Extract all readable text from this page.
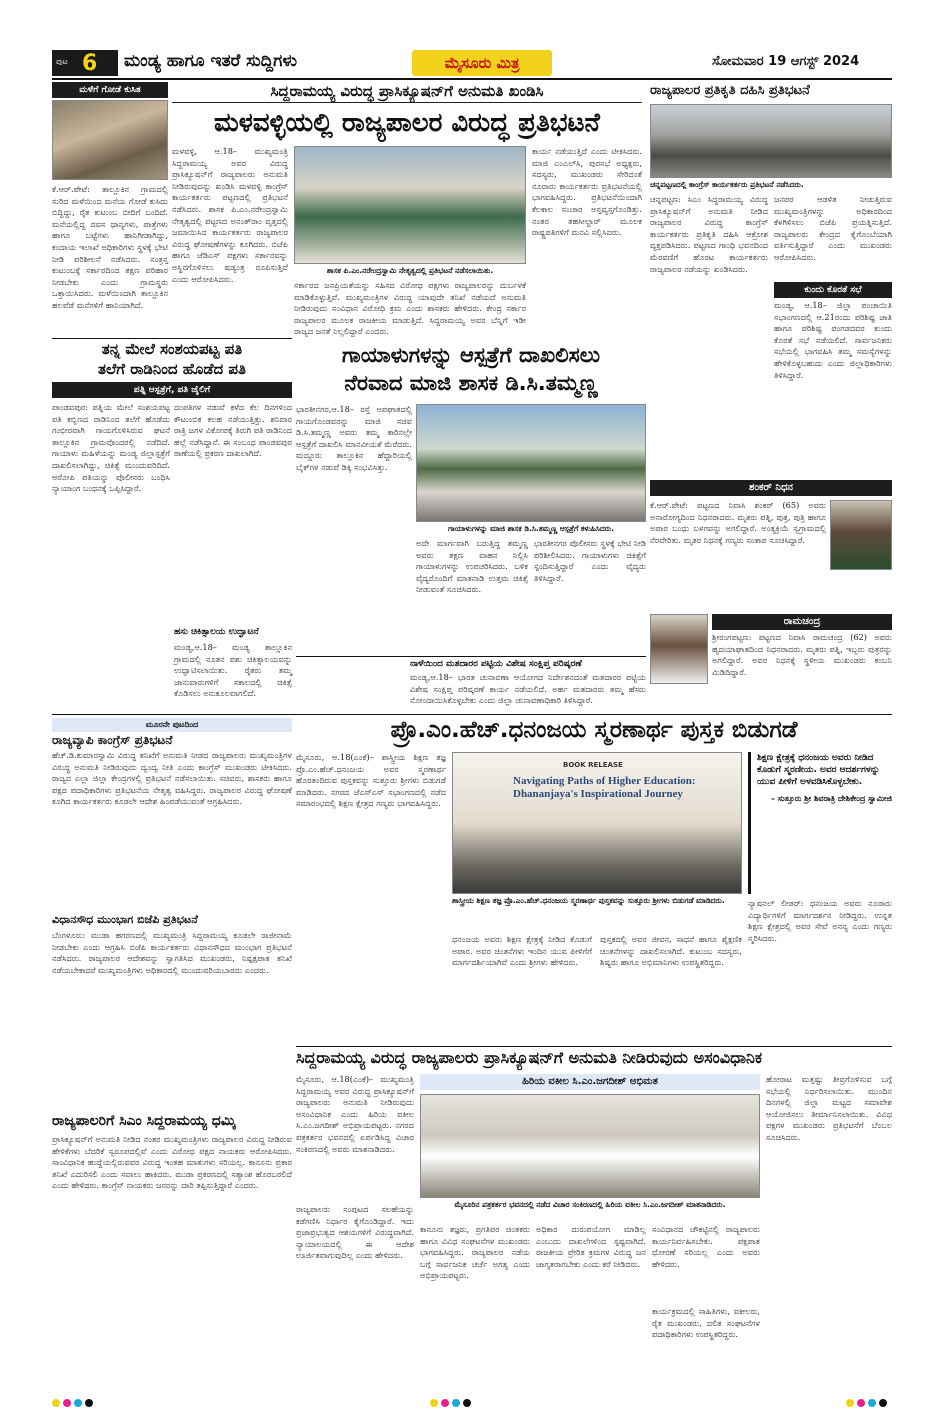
ಪುಟ 6 ಮಂಡ್ಯ ಹಾಗೂ ಇತರೆ ಸುದ್ದಿಗಳು	ಮೈಸೂರು ಮಿತ್ರ	ಸೋಮವಾರ 19 ಆಗಸ್ಟ್ 2024
ಮಳೆಗೆ ಗೋಡೆ ಕುಸಿತ
ಕೆ.ಆರ್.ಪೇಟೆ: ತಾಲ್ಲೂಕಿನ ಗ್ರಾಮದಲ್ಲಿ ಸುರಿದ ಮಳೆಯಿಂದ ಮನೆಯ ಗೋಡೆ ಕುಸಿದು ಬಿದ್ದಿದ್ದು, ರೈತ ಕುಟುಂಬ ಬೀದಿಗೆ ಬಂದಿದೆ. ಮನೆಯಲ್ಲಿದ್ದ ದವಸ ಧಾನ್ಯಗಳು, ಪಾತ್ರೆಗಳು ಹಾಗೂ ಬಟ್ಟೆಗಳು ಹಾನಿಗೀಡಾಗಿದ್ದು, ಕಂದಾಯ ಇಲಾಖೆ ಅಧಿಕಾರಿಗಳು ಸ್ಥಳಕ್ಕೆ ಭೇಟಿ ನೀಡಿ ಪರಿಶೀಲನೆ ನಡೆಸಿದರು. ಸಂತ್ರಸ್ತ ಕುಟುಂಬಕ್ಕೆ ಸರ್ಕಾರದಿಂದ ತಕ್ಷಣ ಪರಿಹಾರ ನೀಡಬೇಕು ಎಂದು ಗ್ರಾಮಸ್ಥರು ಒತ್ತಾಯಿಸಿದರು. ಮಳೆಯಿಂದಾಗಿ ತಾಲ್ಲೂಕಿನ ಹಲವೆಡೆ ಮನೆಗಳಿಗೆ ಹಾನಿಯಾಗಿದೆ.
ಸಿದ್ದರಾಮಯ್ಯ ವಿರುದ್ಧ ಪ್ರಾಸಿಕ್ಯೂಷನ್‌ಗೆ ಅನುಮತಿ ಖಂಡಿಸಿ
ಮಳವಳ್ಳಿಯಲ್ಲಿ ರಾಜ್ಯಪಾಲರ ವಿರುದ್ಧ ಪ್ರತಿಭಟನೆ
ಮಳವಳ್ಳಿ, ಆ.18– ಮುಖ್ಯಮಂತ್ರಿ ಸಿದ್ದರಾಮಯ್ಯ ಅವರ ವಿರುದ್ಧ ಪ್ರಾಸಿಕ್ಯೂಷನ್‌ಗೆ ರಾಜ್ಯಪಾಲರು ಅನುಮತಿ ನೀಡಿರುವುದನ್ನು ಖಂಡಿಸಿ ಮಳವಳ್ಳಿ ಕಾಂಗ್ರೆಸ್ ಕಾರ್ಯಕರ್ತರು ಪಟ್ಟಣದಲ್ಲಿ ಪ್ರತಿಭಟನೆ ನಡೆಸಿದರು. ಶಾಸಕ ಪಿ.ಎಂ.ನರೇಂದ್ರಸ್ವಾಮಿ ನೇತೃತ್ವದಲ್ಲಿ ಪಟ್ಟಣದ ಅನಂತ್‌ರಾಂ ವೃತ್ತದಲ್ಲಿ ಜಮಾಯಿಸಿದ ಕಾರ್ಯಕರ್ತರು ರಾಜ್ಯಪಾಲರ ವಿರುದ್ಧ ಘೋಷಣೆಗಳನ್ನು ಕೂಗಿದರು. ಬಿಜೆಪಿ ಹಾಗೂ ಜೆಡಿಎಸ್ ಪಕ್ಷಗಳು ಸರ್ಕಾರವನ್ನು ಅಸ್ಥಿರಗೊಳಿಸಲು ಷಡ್ಯಂತ್ರ ರೂಪಿಸುತ್ತಿವೆ ಎಂದು ಆರೋಪಿಸಿದರು.
ಶಾಸಕ ಪಿ.ಎಂ.ನರೇಂದ್ರಸ್ವಾಮಿ ನೇತೃತ್ವದಲ್ಲಿ ಪ್ರತಿಭಟನೆ ನಡೆಸಲಾಯಿತು.
ಸರ್ಕಾರದ ಜನಪ್ರಿಯತೆಯನ್ನು ಸಹಿಸದ ವಿರೋಧ ಪಕ್ಷಗಳು ರಾಜ್ಯಪಾಲರನ್ನು ದುರ್ಬಳಕೆ ಮಾಡಿಕೊಳ್ಳುತ್ತಿವೆ. ಮುಖ್ಯಮಂತ್ರಿಗಳ ವಿರುದ್ಧ ಯಾವುದೇ ತನಿಖೆ ನಡೆಯದೆ ಅನುಮತಿ ನೀಡಿರುವುದು ಸಂವಿಧಾನ ವಿರೋಧಿ ಕ್ರಮ ಎಂದು ಶಾಸಕರು ಹೇಳಿದರು. ಕೇಂದ್ರ ಸರ್ಕಾರ ರಾಜ್ಯಪಾಲರ ಮೂಲಕ ರಾಜಕೀಯ ಮಾಡುತ್ತಿದೆ. ಸಿದ್ದರಾಮಯ್ಯ ಅವರ ಬೆನ್ನಿಗೆ ಇಡೀ ರಾಜ್ಯದ ಜನತೆ ನಿಲ್ಲಲಿದ್ದಾರೆ ಎಂದರು.
ಕಾರ್ಯ ನಡೆಯುತ್ತಿದೆ ಎಂದು ಟೀಕಿಸಿದರು. ಮಾಜಿ ಎಂಎಲ್‌ಸಿ, ಪುರಸಭೆ ಅಧ್ಯಕ್ಷರು, ಸದಸ್ಯರು, ಮುಖಂಡರು ಸೇರಿದಂತೆ ನೂರಾರು ಕಾರ್ಯಕರ್ತರು ಪ್ರತಿಭಟನೆಯಲ್ಲಿ ಭಾಗವಹಿಸಿದ್ದರು. ಪ್ರತಿಭಟನೆಯಿಂದಾಗಿ ಕೆಲಕಾಲ ಸಂಚಾರ ಅಸ್ತವ್ಯಸ್ತಗೊಂಡಿತ್ತು. ನಂತರ ತಹಸೀಲ್ದಾರ್ ಮೂಲಕ ರಾಷ್ಟ್ರಪತಿಗಳಿಗೆ ಮನವಿ ಸಲ್ಲಿಸಿದರು.
ರಾಜ್ಯಪಾಲರ ಪ್ರತಿಕೃತಿ ದಹಿಸಿ ಪ್ರತಿಭಟನೆ
ಚನ್ನಪಟ್ಟಣದಲ್ಲಿ ಕಾಂಗ್ರೆಸ್ ಕಾರ್ಯಕರ್ತರು ಪ್ರತಿಭಟನೆ ನಡೆಸಿದರು.
ಚನ್ನಪಟ್ಟಣ: ಸಿಎಂ ಸಿದ್ದರಾಮಯ್ಯ ವಿರುದ್ಧ ಪ್ರಾಸಿಕ್ಯೂಷನ್‌ಗೆ ಅನುಮತಿ ನೀಡಿದ ರಾಜ್ಯಪಾಲರ ವಿರುದ್ಧ ಕಾಂಗ್ರೆಸ್ ಕಾರ್ಯಕರ್ತರು ಪ್ರತಿಕೃತಿ ದಹಿಸಿ ಆಕ್ರೋಶ ವ್ಯಕ್ತಪಡಿಸಿದರು. ಪಟ್ಟಣದ ಗಾಂಧಿ ಭವನದಿಂದ ಮೆರವಣಿಗೆ ಹೊರಟ ಕಾರ್ಯಕರ್ತರು ರಾಜ್ಯಪಾಲರ ನಡೆಯನ್ನು ಖಂಡಿಸಿದರು.
ಜನಪರ ಆಡಳಿತ ನೀಡುತ್ತಿರುವ ಮುಖ್ಯಮಂತ್ರಿಗಳನ್ನು ಅಧಿಕಾರದಿಂದ ಕೆಳಗಿಳಿಸಲು ಬಿಜೆಪಿ ಪ್ರಯತ್ನಿಸುತ್ತಿದೆ. ರಾಜ್ಯಪಾಲರು ಕೇಂದ್ರದ ಕೈಗೊಂಬೆಯಾಗಿ ವರ್ತಿಸುತ್ತಿದ್ದಾರೆ ಎಂದು ಮುಖಂಡರು ಆರೋಪಿಸಿದರು.
ಕುಂದು ಕೊರತೆ ಸಭೆ
ಮಂಡ್ಯ, ಆ.18– ಜಿಲ್ಲಾ ಪಂಚಾಯಿತಿ ಸಭಾಂಗಣದಲ್ಲಿ ಆ.21ರಂದು ಪರಿಶಿಷ್ಟ ಜಾತಿ ಹಾಗೂ ಪರಿಶಿಷ್ಟ ಪಂಗಡದವರ ಕುಂದು ಕೊರತೆ ಸಭೆ ನಡೆಯಲಿದೆ. ಸಾರ್ವಜನಿಕರು ಸಭೆಯಲ್ಲಿ ಭಾಗವಹಿಸಿ ತಮ್ಮ ಸಮಸ್ಯೆಗಳನ್ನು ಹೇಳಿಕೊಳ್ಳಬಹುದು ಎಂದು ಜಿಲ್ಲಾಧಿಕಾರಿಗಳು ತಿಳಿಸಿದ್ದಾರೆ.
ತನ್ನ ಮೇಲೆ ಸಂಶಯಪಟ್ಟ ಪತಿ
ತಲೆಗೆ ರಾಡಿನಿಂದ ಹೊಡೆದ ಪತಿ
ಪತ್ನಿ ಆಸ್ಪತ್ರೆಗೆ, ಪತಿ ಜೈಲಿಗೆ
ಪಾಂಡವಪುರ: ಪತ್ನಿಯ ಮೇಲೆ ಸಂಶಯಪಟ್ಟ ಪತಿ ಕಬ್ಬಿಣದ ರಾಡಿನಿಂದ ತಲೆಗೆ ಹೊಡೆದು ಗಂಭೀರವಾಗಿ ಗಾಯಗೊಳಿಸಿರುವ ಘಟನೆ ತಾಲ್ಲೂಕಿನ ಗ್ರಾಮವೊಂದರಲ್ಲಿ ನಡೆದಿದೆ. ಗಾಯಾಳು ಮಹಿಳೆಯನ್ನು ಮಂಡ್ಯ ಜಿಲ್ಲಾಸ್ಪತ್ರೆಗೆ ದಾಖಲಿಸಲಾಗಿದ್ದು, ಚಿಕಿತ್ಸೆ ಮುಂದುವರಿದಿದೆ. ಆರೋಪಿ ಪತಿಯನ್ನು ಪೊಲೀಸರು ಬಂಧಿಸಿ ನ್ಯಾಯಾಂಗ ಬಂಧನಕ್ಕೆ ಒಪ್ಪಿಸಿದ್ದಾರೆ.
ದಂಪತಿಗಳ ನಡುವೆ ಕಳೆದ ಕೆಲ ದಿನಗಳಿಂದ ಕೌಟುಂಬಿಕ ಕಲಹ ನಡೆಯುತ್ತಿತ್ತು. ಶನಿವಾರ ರಾತ್ರಿ ಜಗಳ ವಿಕೋಪಕ್ಕೆ ತಿರುಗಿ ಪತಿ ರಾಡಿನಿಂದ ಹಲ್ಲೆ ನಡೆಸಿದ್ದಾನೆ. ಈ ಸಂಬಂಧ ಪಾಂಡವಪುರ ಠಾಣೆಯಲ್ಲಿ ಪ್ರಕರಣ ದಾಖಲಾಗಿದೆ.
ಹಸು ಚಿಕಿತ್ಸಾಲಯ ಉದ್ಘಾಟನೆ
ಮಂಡ್ಯ,ಆ.18– ಮಂಡ್ಯ ತಾಲ್ಲೂಕಿನ ಗ್ರಾಮದಲ್ಲಿ ನೂತನ ಪಶು ಚಿಕಿತ್ಸಾಲಯವನ್ನು ಉದ್ಘಾಟಿಸಲಾಯಿತು. ರೈತರು ತಮ್ಮ ಜಾನುವಾರುಗಳಿಗೆ ಸಕಾಲದಲ್ಲಿ ಚಿಕಿತ್ಸೆ ಕೊಡಿಸಲು ಅನುಕೂಲವಾಗಲಿದೆ.
ಗಾಯಾಳುಗಳನ್ನು ಆಸ್ಪತ್ರೆಗೆ ದಾಖಲಿಸಲು
ನೆರವಾದ ಮಾಜಿ ಶಾಸಕ ಡಿ.ಸಿ.ತಮ್ಮಣ್ಣ
ಭಾರತೀನಗರ,ಆ.18– ರಸ್ತೆ ಅಪಘಾತದಲ್ಲಿ ಗಾಯಗೊಂಡವರನ್ನು ಮಾಜಿ ಸಚಿವ ಡಿ.ಸಿ.ತಮ್ಮಣ್ಣ ಅವರು ತಮ್ಮ ಕಾರಿನಲ್ಲೇ ಆಸ್ಪತ್ರೆಗೆ ದಾಖಲಿಸಿ ಮಾನವೀಯತೆ ಮೆರೆದರು. ಮದ್ದೂರು ತಾಲ್ಲೂಕಿನ ಹೆದ್ದಾರಿಯಲ್ಲಿ ಬೈಕ್‌ಗಳ ನಡುವೆ ಡಿಕ್ಕಿ ಸಂಭವಿಸಿತ್ತು.
ಗಾಯಾಳುಗಳನ್ನು ಮಾಜಿ ಶಾಸಕ ಡಿ.ಸಿ.ತಮ್ಮಣ್ಣ ಆಸ್ಪತ್ರೆಗೆ ಕಳುಹಿಸಿದರು.
ಅದೇ ಮಾರ್ಗವಾಗಿ ಬರುತ್ತಿದ್ದ ತಮ್ಮಣ್ಣ ಅವರು ತಕ್ಷಣ ವಾಹನ ನಿಲ್ಲಿಸಿ ಗಾಯಾಳುಗಳನ್ನು ಉಪಚರಿಸಿದರು. ಬಳಿಕ ವೈದ್ಯರೊಂದಿಗೆ ಮಾತನಾಡಿ ಉತ್ತಮ ಚಿಕಿತ್ಸೆ ನೀಡುವಂತೆ ಸೂಚಿಸಿದರು.
ಭಾರತೀನಗರ ಪೊಲೀಸರು ಸ್ಥಳಕ್ಕೆ ಭೇಟಿ ನೀಡಿ ಪರಿಶೀಲಿಸಿದರು. ಗಾಯಾಳುಗಳು ಚಿಕಿತ್ಸೆಗೆ ಸ್ಪಂದಿಸುತ್ತಿದ್ದಾರೆ ಎಂದು ವೈದ್ಯರು ತಿಳಿಸಿದ್ದಾರೆ.
ನಾಳೆಯಿಂದ ಮತದಾರರ ಪಟ್ಟಿಯ ವಿಶೇಷ ಸಂಕ್ಷಿಪ್ತ ಪರಿಷ್ಕರಣೆ
ಮಂಡ್ಯ,ಆ.18– ಭಾರತ ಚುನಾವಣಾ ಆಯೋಗದ ನಿರ್ದೇಶನದಂತೆ ಮತದಾರರ ಪಟ್ಟಿಯ ವಿಶೇಷ ಸಂಕ್ಷಿಪ್ತ ಪರಿಷ್ಕರಣೆ ಕಾರ್ಯ ನಡೆಯಲಿದೆ. ಅರ್ಹ ಮತದಾರರು ತಮ್ಮ ಹೆಸರು ನೋಂದಾಯಿಸಿಕೊಳ್ಳಬೇಕು ಎಂದು ಜಿಲ್ಲಾ ಚುನಾವಣಾಧಿಕಾರಿ ತಿಳಿಸಿದ್ದಾರೆ.
ಶಂಕರ್ ನಿಧನ
ಕೆ.ಆರ್.ಪೇಟೆ: ಪಟ್ಟಣದ ನಿವಾಸಿ ಶಂಕರ್ (65) ಅವರು ಅನಾರೋಗ್ಯದಿಂದ ನಿಧನರಾದರು. ಮೃತರು ಪತ್ನಿ, ಪುತ್ರ, ಪುತ್ರಿ ಹಾಗೂ ಅಪಾರ ಬಂಧು ಬಳಗವನ್ನು ಅಗಲಿದ್ದಾರೆ. ಅಂತ್ಯಕ್ರಿಯೆ ಸ್ವಗ್ರಾಮದಲ್ಲಿ ನೆರವೇರಿತು. ಮೃತರ ನಿಧನಕ್ಕೆ ಗಣ್ಯರು ಸಂತಾಪ ಸೂಚಿಸಿದ್ದಾರೆ.
ರಾಮಚಂದ್ರ
ಶ್ರೀರಂಗಪಟ್ಟಣ: ಪಟ್ಟಣದ ನಿವಾಸಿ ರಾಮಚಂದ್ರ (62) ಅವರು ಹೃದಯಾಘಾತದಿಂದ ನಿಧನರಾದರು. ಮೃತರು ಪತ್ನಿ, ಇಬ್ಬರು ಪುತ್ರರನ್ನು ಅಗಲಿದ್ದಾರೆ. ಅವರ ನಿಧನಕ್ಕೆ ಸ್ಥಳೀಯ ಮುಖಂಡರು ಕಂಬನಿ ಮಿಡಿದಿದ್ದಾರೆ.
ಮೂರನೇ ಪುಟದಿಂದ
ರಾಜ್ಯವ್ಯಾಪಿ ಕಾಂಗ್ರೆಸ್ ಪ್ರತಿಭಟನೆ
ಹೆಚ್.ಡಿ.ಕುಮಾರಸ್ವಾಮಿ ವಿರುದ್ಧ ತನಿಖೆಗೆ ಅನುಮತಿ ನೀಡದ ರಾಜ್ಯಪಾಲರು ಮುಖ್ಯಮಂತ್ರಿಗಳ ವಿರುದ್ಧ ಅನುಮತಿ ನೀಡಿರುವುದು ದ್ವಂದ್ವ ನೀತಿ ಎಂದು ಕಾಂಗ್ರೆಸ್ ಮುಖಂಡರು ಟೀಕಿಸಿದರು. ರಾಜ್ಯದ ಎಲ್ಲಾ ಜಿಲ್ಲಾ ಕೇಂದ್ರಗಳಲ್ಲಿ ಪ್ರತಿಭಟನೆ ನಡೆಸಲಾಯಿತು. ಸಚಿವರು, ಶಾಸಕರು ಹಾಗೂ ಪಕ್ಷದ ಪದಾಧಿಕಾರಿಗಳು ಪ್ರತಿಭಟನೆಯ ನೇತೃತ್ವ ವಹಿಸಿದ್ದರು. ರಾಜ್ಯಪಾಲರ ವಿರುದ್ಧ ಘೋಷಣೆ ಕೂಗಿದ ಕಾರ್ಯಕರ್ತರು ಕೂಡಲೇ ಆದೇಶ ಹಿಂಪಡೆಯುವಂತೆ ಆಗ್ರಹಿಸಿದರು.
ವಿಧಾನಸೌಧ ಮುಂಭಾಗ ಬಿಜೆಪಿ ಪ್ರತಿಭಟನೆ
ಬೆಂಗಳೂರು: ಮುಡಾ ಹಗರಣದಲ್ಲಿ ಮುಖ್ಯಮಂತ್ರಿ ಸಿದ್ದರಾಮಯ್ಯ ಕೂಡಲೇ ರಾಜೀನಾಮೆ ನೀಡಬೇಕು ಎಂದು ಆಗ್ರಹಿಸಿ ಬಿಜೆಪಿ ಕಾರ್ಯಕರ್ತರು ವಿಧಾನಸೌಧದ ಮುಂಭಾಗ ಪ್ರತಿಭಟನೆ ನಡೆಸಿದರು. ರಾಜ್ಯಪಾಲರ ಆದೇಶವನ್ನು ಸ್ವಾಗತಿಸಿದ ಮುಖಂಡರು, ನಿಷ್ಪಕ್ಷಪಾತ ತನಿಖೆ ನಡೆಯಬೇಕಾದರೆ ಮುಖ್ಯಮಂತ್ರಿಗಳು ಅಧಿಕಾರದಲ್ಲಿ ಮುಂದುವರಿಯಬಾರದು ಎಂದರು.
ರಾಜ್ಯಪಾಲರಿಗೆ ಸಿಎಂ ಸಿದ್ದರಾಮಯ್ಯ ಧಮ್ಕಿ
ಪ್ರಾಸಿಕ್ಯೂಷನ್‌ಗೆ ಅನುಮತಿ ನೀಡಿದ ನಂತರ ಮುಖ್ಯಮಂತ್ರಿಗಳು ರಾಜ್ಯಪಾಲರ ವಿರುದ್ಧ ನೀಡಿರುವ ಹೇಳಿಕೆಗಳು ಬೆದರಿಕೆ ಸ್ವರೂಪದಲ್ಲಿವೆ ಎಂದು ವಿರೋಧ ಪಕ್ಷದ ನಾಯಕರು ಆರೋಪಿಸಿದರು. ಸಾಂವಿಧಾನಿಕ ಹುದ್ದೆಯಲ್ಲಿರುವವರ ವಿರುದ್ಧ ಇಂತಹ ಮಾತುಗಳು ಸರಿಯಲ್ಲ. ಕಾನೂನು ಪ್ರಕಾರ ತನಿಖೆ ಎದುರಿಸಲಿ ಎಂದು ಸವಾಲು ಹಾಕಿದರು. ಮುಡಾ ಪ್ರಕರಣದಲ್ಲಿ ಸತ್ಯಾಂಶ ಹೊರಬರಲಿದೆ ಎಂದು ಹೇಳಿದರು. ಕಾಂಗ್ರೆಸ್ ನಾಯಕರು ಜನರನ್ನು ದಾರಿ ತಪ್ಪಿಸುತ್ತಿದ್ದಾರೆ ಎಂದರು.
ಪ್ರೊ.ಎಂ.ಹೆಚ್.ಧನಂಜಯ ಸ್ಮರಣಾರ್ಥ ಪುಸ್ತಕ ಬಿಡುಗಡೆ
ಮೈಸೂರು, ಆ.18(ಎಂಕೆ)– ಶಾಸ್ತ್ರೀಯ ಶಿಕ್ಷಣ ತಜ್ಞ ಪ್ರೊ.ಎಂ.ಹೆಚ್.ಧನಂಜಯ ಅವರ ಸ್ಮರಣಾರ್ಥ ಹೊರತಂದಿರುವ ಪುಸ್ತಕವನ್ನು ಸುತ್ತೂರು ಶ್ರೀಗಳು ಬಿಡುಗಡೆ ಮಾಡಿದರು. ನಗರದ ಜೆಎಸ್‌ಎಸ್ ಸಭಾಂಗಣದಲ್ಲಿ ನಡೆದ ಸಮಾರಂಭದಲ್ಲಿ ಶಿಕ್ಷಣ ಕ್ಷೇತ್ರದ ಗಣ್ಯರು ಭಾಗವಹಿಸಿದ್ದರು.
BOOK RELEASE
Navigating Paths of Higher Education: Dhananjaya's Inspirational Journey
ಶಾಸ್ತ್ರೀಯ ಶಿಕ್ಷಣ ತಜ್ಞ ಪ್ರೊ.ಎಂ.ಹೆಚ್.ಧನಂಜಯ ಸ್ಮರಣಾರ್ಥ ಪುಸ್ತಕವನ್ನು ಸುತ್ತೂರು ಶ್ರೀಗಳು ಬಿಡುಗಡೆ ಮಾಡಿದರು.
ಧನಂಜಯ ಅವರು ಶಿಕ್ಷಣ ಕ್ಷೇತ್ರಕ್ಕೆ ನೀಡಿದ ಕೊಡುಗೆ ಅಪಾರ. ಅವರ ಚಿಂತನೆಗಳು ಇಂದಿನ ಯುವ ಪೀಳಿಗೆಗೆ ಮಾರ್ಗದರ್ಶಿಯಾಗಿವೆ ಎಂದು ಶ್ರೀಗಳು ಹೇಳಿದರು.
ಪುಸ್ತಕದಲ್ಲಿ ಅವರ ಜೀವನ, ಸಾಧನೆ ಹಾಗೂ ಶೈಕ್ಷಣಿಕ ಚಿಂತನೆಗಳನ್ನು ದಾಖಲಿಸಲಾಗಿದೆ. ಕುಟುಂಬ ಸದಸ್ಯರು, ಶಿಷ್ಯರು ಹಾಗೂ ಅಭಿಮಾನಿಗಳು ಉಪಸ್ಥಿತರಿದ್ದರು.
ಶಿಕ್ಷಣ ಕ್ಷೇತ್ರಕ್ಕೆ ಧನಂಜಯ ಅವರು ನೀಡಿದ ಕೊಡುಗೆ ಸ್ಮರಣೀಯ. ಅವರ ಆದರ್ಶಗಳನ್ನು ಯುವ ಪೀಳಿಗೆ ಅಳವಡಿಸಿಕೊಳ್ಳಬೇಕು.
– ಸುತ್ತೂರು ಶ್ರೀ ಶಿವರಾತ್ರಿ ದೇಶಿಕೇಂದ್ರ ಸ್ವಾಮೀಜಿ
ನ್ಯಾಷನಲ್ ಲೀಡರ್: ಧನಂಜಯ ಅವರು ನೂರಾರು ವಿದ್ಯಾರ್ಥಿಗಳಿಗೆ ಮಾರ್ಗದರ್ಶನ ನೀಡಿದ್ದರು. ಉನ್ನತ ಶಿಕ್ಷಣ ಕ್ಷೇತ್ರದಲ್ಲಿ ಅವರ ಸೇವೆ ಅನನ್ಯ ಎಂದು ಗಣ್ಯರು ಸ್ಮರಿಸಿದರು.
ಸಿದ್ದರಾಮಯ್ಯ ವಿರುದ್ಧ ರಾಜ್ಯಪಾಲರು ಪ್ರಾಸಿಕ್ಯೂಷನ್‌ಗೆ ಅನುಮತಿ ನೀಡಿರುವುದು ಅಸಂವಿಧಾನಿಕ
ಮೈಸೂರು, ಆ.18(ಎಂಕೆ)– ಮುಖ್ಯಮಂತ್ರಿ ಸಿದ್ದರಾಮಯ್ಯ ಅವರ ವಿರುದ್ಧ ಪ್ರಾಸಿಕ್ಯೂಷನ್‌ಗೆ ರಾಜ್ಯಪಾಲರು ಅನುಮತಿ ನೀಡಿರುವುದು ಅಸಂವಿಧಾನಿಕ ಎಂದು ಹಿರಿಯ ವಕೀಲ ಸಿ.ಎಂ.ಜಗದೀಶ್ ಅಭಿಪ್ರಾಯಪಟ್ಟರು. ನಗರದ ಪತ್ರಕರ್ತರ ಭವನದಲ್ಲಿ ಏರ್ಪಡಿಸಿದ್ದ ವಿಚಾರ ಸಂಕಿರಣದಲ್ಲಿ ಅವರು ಮಾತನಾಡಿದರು.
ಹಿರಿಯ ವಕೀಲ ಸಿ.ಎಂ.ಜಗದೀಶ್ ಅಭಿಮತ
ಮೈಸೂರಿನ ಪತ್ರಕರ್ತರ ಭವನದಲ್ಲಿ ನಡೆದ ವಿಚಾರ ಸಂಕಿರಣದಲ್ಲಿ ಹಿರಿಯ ವಕೀಲ ಸಿ.ಎಂ.ಜಗದೀಶ್ ಮಾತನಾಡಿದರು.
ಹೋರಾಟ ಮತ್ತಷ್ಟು ತೀವ್ರಗೊಳಿಸುವ ಬಗ್ಗೆ ಸಭೆಯಲ್ಲಿ ನಿರ್ಧರಿಸಲಾಯಿತು. ಮುಂದಿನ ದಿನಗಳಲ್ಲಿ ಜಿಲ್ಲಾ ಮಟ್ಟದ ಸಮಾವೇಶ ಆಯೋಜಿಸಲು ತೀರ್ಮಾನಿಸಲಾಯಿತು. ವಿವಿಧ ಪಕ್ಷಗಳ ಮುಖಂಡರು ಪ್ರತಿಭಟನೆಗೆ ಬೆಂಬಲ ಸೂಚಿಸಿದರು.
ರಾಜ್ಯಪಾಲರು ಸಂಪುಟದ ಸಲಹೆಯನ್ನು ಕಡೆಗಣಿಸಿ ನಿರ್ಧಾರ ಕೈಗೊಂಡಿದ್ದಾರೆ. ಇದು ಪ್ರಜಾಪ್ರಭುತ್ವದ ಆಶಯಗಳಿಗೆ ವಿರುದ್ಧವಾಗಿದೆ. ನ್ಯಾಯಾಲಯದಲ್ಲಿ ಈ ಆದೇಶ ಊರ್ಜಿತವಾಗುವುದಿಲ್ಲ ಎಂದು ಹೇಳಿದರು.
ಕಾನೂನು ತಜ್ಞರು, ಪ್ರಗತಿಪರ ಚಿಂತಕರು ಹಾಗೂ ವಿವಿಧ ಸಂಘಟನೆಗಳ ಮುಖಂಡರು ಭಾಗವಹಿಸಿದ್ದರು. ರಾಜ್ಯಪಾಲರ ನಡೆಯ ಬಗ್ಗೆ ಸಾರ್ವಜನಿಕ ಚರ್ಚೆ ಅಗತ್ಯ ಎಂದು ಅಭಿಪ್ರಾಯಪಟ್ಟರು.
ಅಧಿಕಾರ ದುರುಪಯೋಗ ಮಾಡಿಲ್ಲ ಎಂಬುದು ದಾಖಲೆಗಳಿಂದ ಸ್ಪಷ್ಟವಾಗಿದೆ. ರಾಜಕೀಯ ಪ್ರೇರಿತ ಕ್ರಮಗಳ ವಿರುದ್ಧ ಜನ ಜಾಗೃತರಾಗಬೇಕು ಎಂದು ಕರೆ ನೀಡಿದರು.
ಸಂವಿಧಾನದ ಚೌಕಟ್ಟಿನಲ್ಲಿ ರಾಜ್ಯಪಾಲರು ಕಾರ್ಯನಿರ್ವಹಿಸಬೇಕು. ಪಕ್ಷಪಾತ ಧೋರಣೆ ಸರಿಯಲ್ಲ ಎಂದು ಅವರು ಹೇಳಿದರು.
ಕಾರ್ಯಕ್ರಮದಲ್ಲಿ ಸಾಹಿತಿಗಳು, ವಕೀಲರು, ರೈತ ಮುಖಂಡರು, ದಲಿತ ಸಂಘಟನೆಗಳ ಪದಾಧಿಕಾರಿಗಳು ಉಪಸ್ಥಿತರಿದ್ದರು.
